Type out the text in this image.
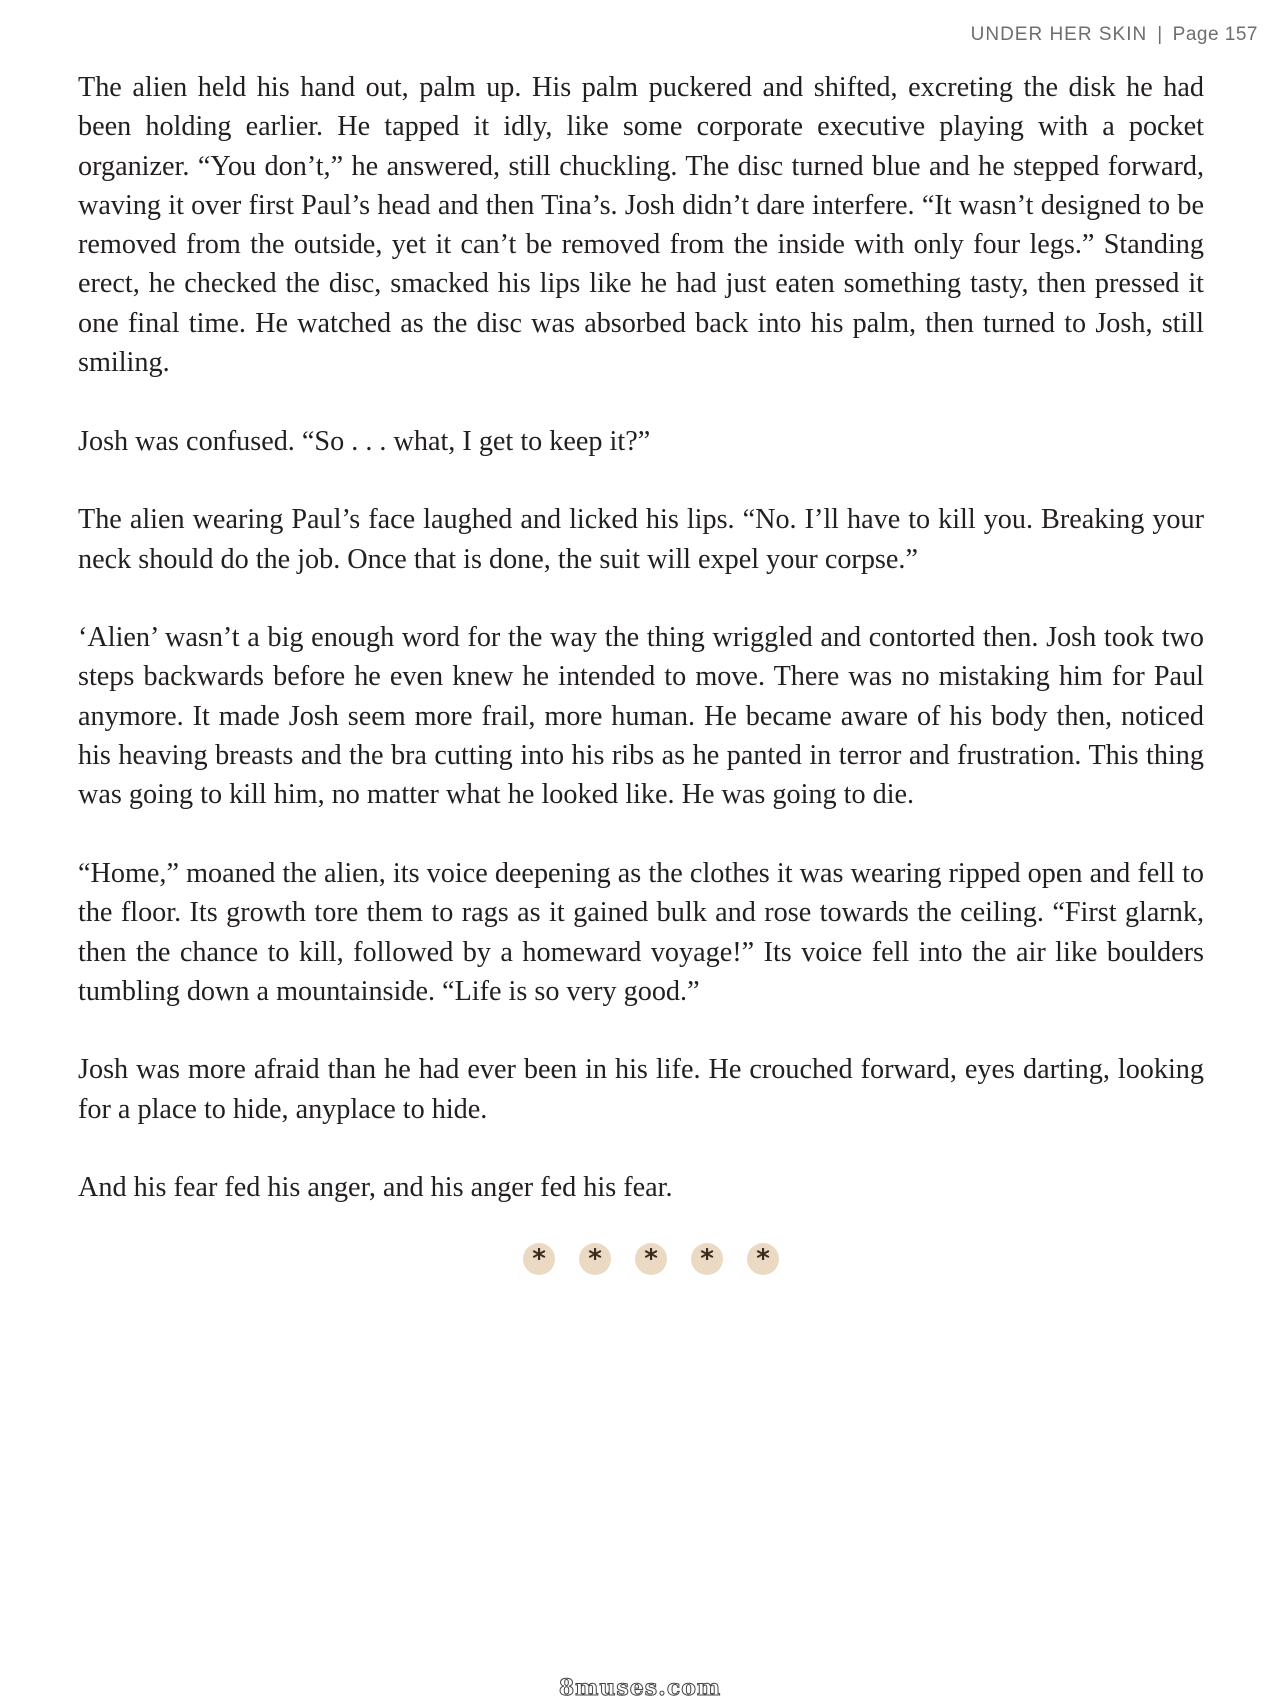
UNDER HER SKIN | Page 157

The alien held his hand out, palm up. His palm puckered and shifted, excreting the disk he had been holding earlier. He tapped it idly, like some corporate executive playing with a pocket organizer. “You don’t,” he answered, still chuckling. The disc turned blue and he stepped forward, waving it over first Paul’s head and then Tina’s. Josh didn’t dare interfere. “It wasn’t designed to be removed from the outside, yet it can’t be removed from the inside with only four legs.” Standing erect, he checked the disc, smacked his lips like he had just eaten something tasty, then pressed it one final time. He watched as the disc was absorbed back into his palm, then turned to Josh, still smiling.

Josh was confused. “So . . . what, I get to keep it?”

The alien wearing Paul’s face laughed and licked his lips. “No. I’ll have to kill you. Breaking your neck should do the job. Once that is done, the suit will expel your corpse.”

‘Alien’ wasn’t a big enough word for the way the thing wriggled and contorted then. Josh took two steps backwards before he even knew he intended to move. There was no mistaking him for Paul anymore. It made Josh seem more frail, more human. He became aware of his body then, noticed his heaving breasts and the bra cutting into his ribs as he panted in terror and frustration. This thing was going to kill him, no matter what he looked like. He was going to die.

“Home,” moaned the alien, its voice deepening as the clothes it was wearing ripped open and fell to the floor. Its growth tore them to rags as it gained bulk and rose towards the ceiling. “First glarnk, then the chance to kill, followed by a homeward voyage!” Its voice fell into the air like boulders tumbling down a mountainside. “Life is so very good.”

Josh was more afraid than he had ever been in his life. He crouched forward, eyes darting, looking for a place to hide, anyplace to hide.

And his fear fed his anger, and his anger fed his fear.

*	*	*	*	*
8muses.com
